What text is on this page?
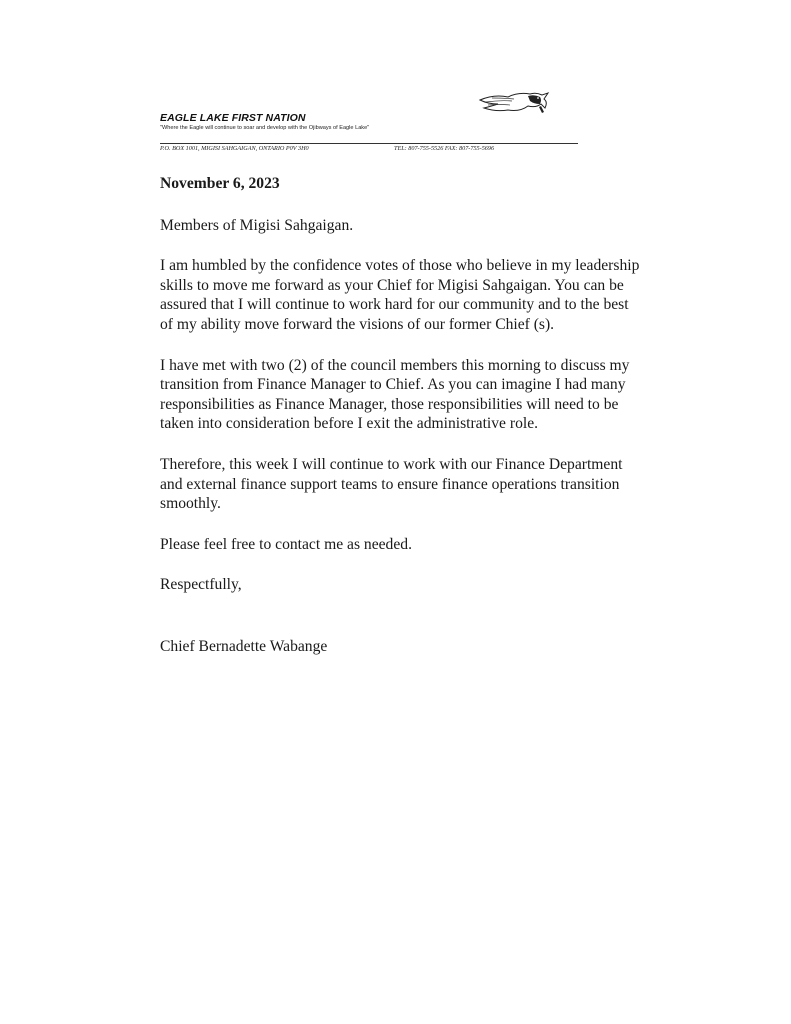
EAGLE LAKE FIRST NATION
"Where the Eagle will continue to soar and develop with the Ojibways of Eagle Lake"
P.O. BOX 1001, MIGISI SAHGAIGAN, ONTARIO P0V 3H0	TEL: 807-755-5526 FAX: 807-755-5696

November 6, 2023

Members of Migisi Sahgaigan.

I am humbled by the confidence votes of those who believe in my leadership skills to move me forward as your Chief for Migisi Sahgaigan. You can be assured that I will continue to work hard for our community and to the best of my ability move forward the visions of our former Chief (s).

I have met with two (2) of the council members this morning to discuss my transition from Finance Manager to Chief. As you can imagine I had many responsibilities as Finance Manager, those responsibilities will need to be taken into consideration before I exit the administrative role.

Therefore, this week I will continue to work with our Finance Department and external finance support teams to ensure finance operations transition smoothly.

Please feel free to contact me as needed.

Respectfully,

Chief Bernadette Wabange
